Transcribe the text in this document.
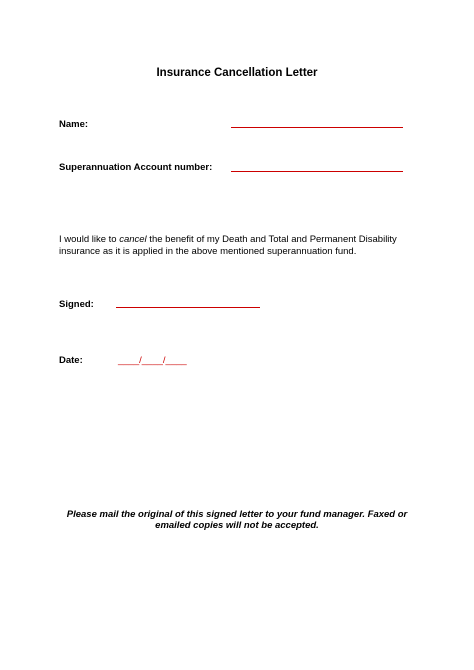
Insurance Cancellation Letter
Name:
Superannuation Account number:
I would like to cancel the benefit of my Death and Total and Permanent Disability insurance as it is applied in the above mentioned superannuation fund.
Signed:
Date:	____/____/____
Please mail the original of this signed letter to your fund manager. Faxed or emailed copies will not be accepted.
